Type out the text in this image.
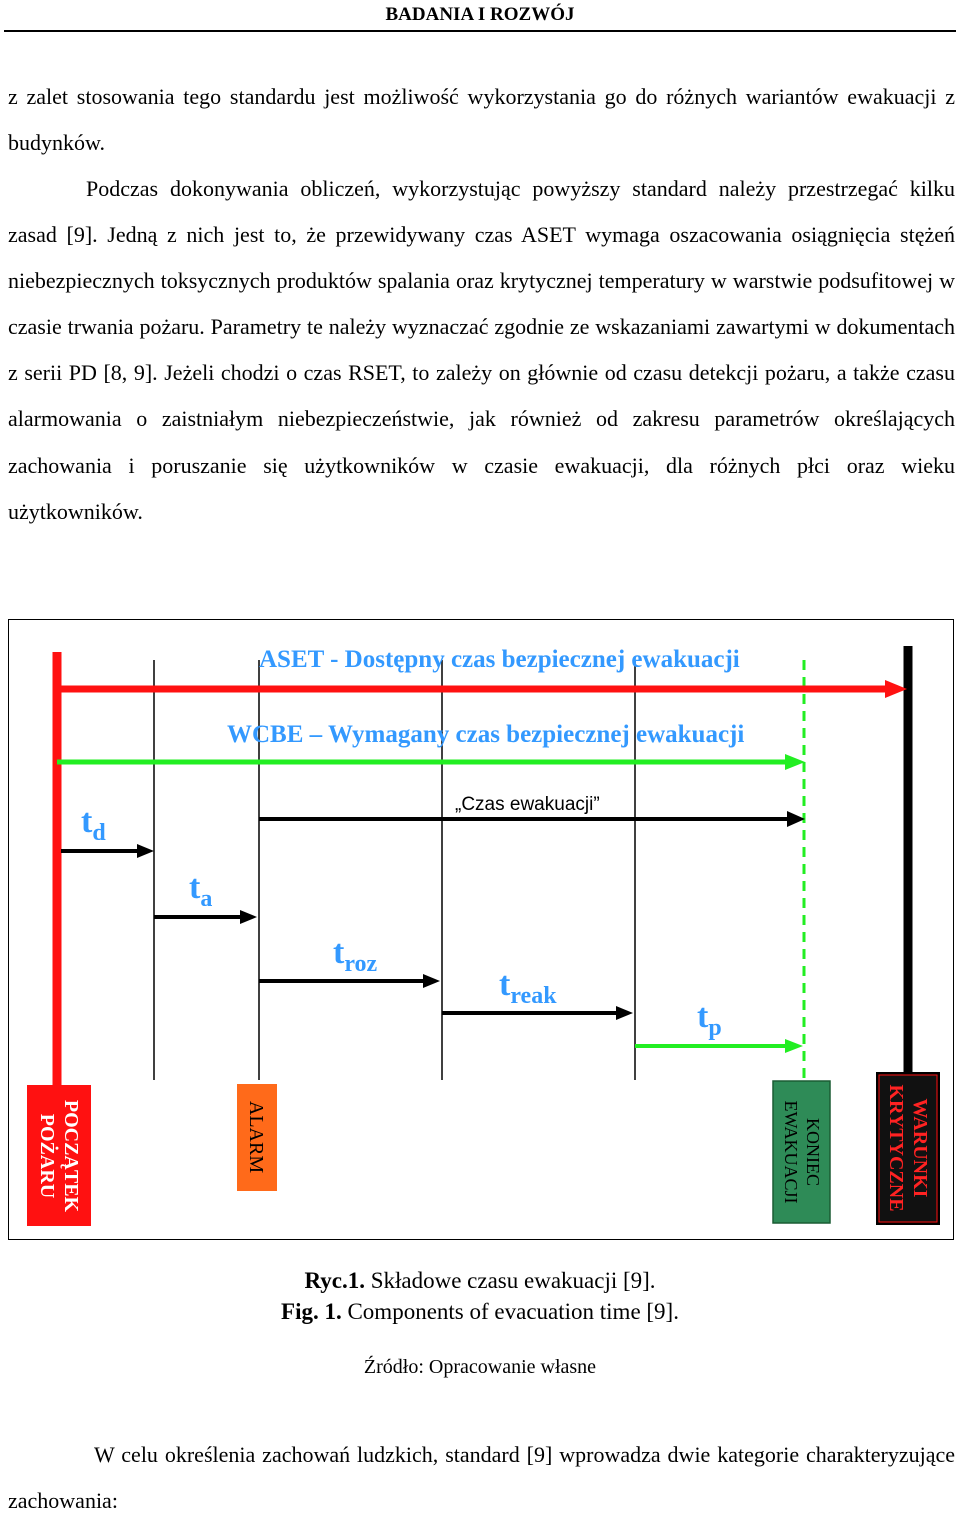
BADANIA I ROZWÓJ

z zalet stosowania tego standardu jest możliwość wykorzystania go do różnych wariantów ewakuacji z budynków.

Podczas dokonywania obliczeń, wykorzystując powyższy standard należy przestrzegać kilku zasad [9]. Jedną z nich jest to, że przewidywany czas ASET wymaga oszacowania osiągnięcia stężeń niebezpiecznych toksycznych produktów spalania oraz krytycznej temperatury w warstwie podsufitowej w czasie trwania pożaru. Parametry te należy wyznaczać zgodnie ze wskazaniami zawartymi w dokumentach z serii PD [8, 9]. Jeżeli chodzi o czas RSET, to zależy on głównie od czasu detekcji pożaru, a także czasu alarmowania o zaistniałym niebezpieczeństwie, jak również od zakresu parametrów określających zachowania i poruszanie się użytkowników w czasie ewakuacji, dla różnych płci oraz wieku użytkowników.

ASET - Dostępny czas bezpiecznej ewakuacji
WCBE – Wymagany czas bezpiecznej ewakuacji
„Czas ewakuacji”
$t_d$
$t_a$
$t_{roz}$
$t_{reak}$
$t_p$
POCZĄTEK
POŻARU	ALARM	KONIEC
EWAKUACJI	WARUNKI
KRYTYCZNE
Ryc.1. Składowe czasu ewakuacji [9].
Fig. 1. Components of evacuation time [9].
Źródło: Opracowanie własne

W celu określenia zachowań ludzkich, standard [9] wprowadza dwie kategorie charakteryzujące zachowania:
